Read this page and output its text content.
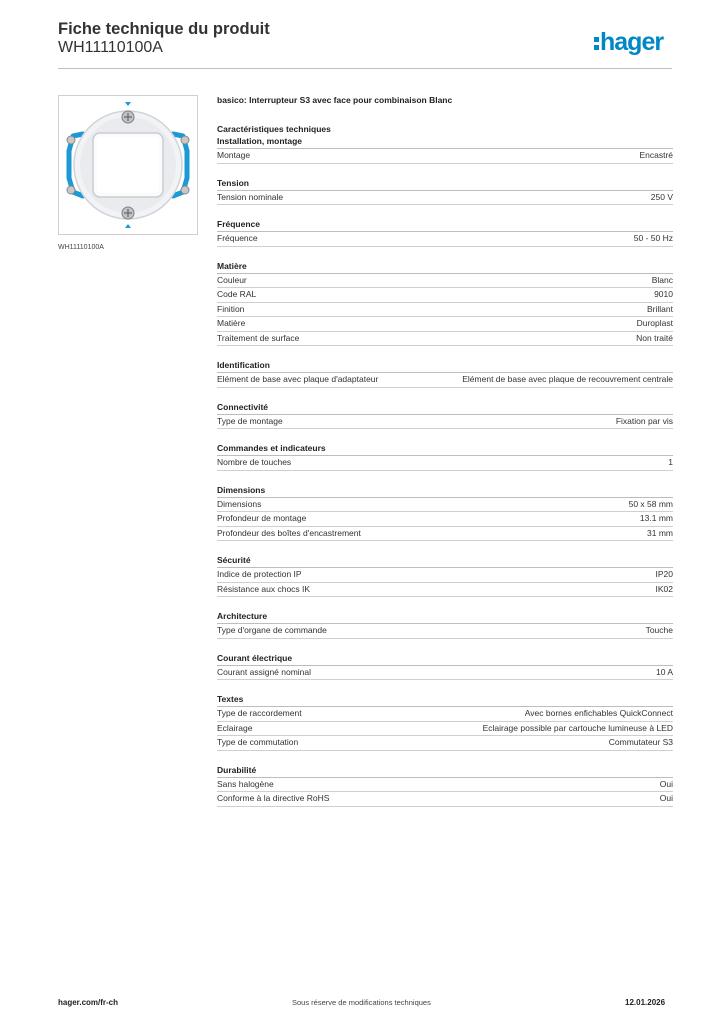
Fiche technique du produit
WH11110100A	hager
WH11110100A
basico: Interrupteur S3 avec face pour combinaison Blanc
Caractéristiques techniques
Installation, montage
Montage	Encastré
Tension
Tension nominale	250 V
Fréquence
Fréquence	50 - 50 Hz
Matière
Couleur	Blanc
Code RAL	9010
Finition	Brillant
Matière	Duroplast
Traitement de surface	Non traité
Identification
Elément de base avec plaque d'adaptateur	Elément de base avec plaque de recouvrement centrale
Connectivité
Type de montage	Fixation par vis
Commandes et indicateurs
Nombre de touches	1
Dimensions
Dimensions	50 x 58 mm
Profondeur de montage	13.1 mm
Profondeur des boîtes d'encastrement	31 mm
Sécurité
Indice de protection IP	IP20
Résistance aux chocs IK	IK02
Architecture
Type d'organe de commande	Touche
Courant électrique
Courant assigné nominal	10 A
Textes
Type de raccordement	Avec bornes enfichables QuickConnect
Eclairage	Eclairage possible par cartouche lumineuse à LED
Type de commutation	Commutateur S3
Durabilité
Sans halogène	Oui
Conforme à la directive RoHS	Oui
hager.com/fr-ch	Sous réserve de modifications techniques	12.01.2026
